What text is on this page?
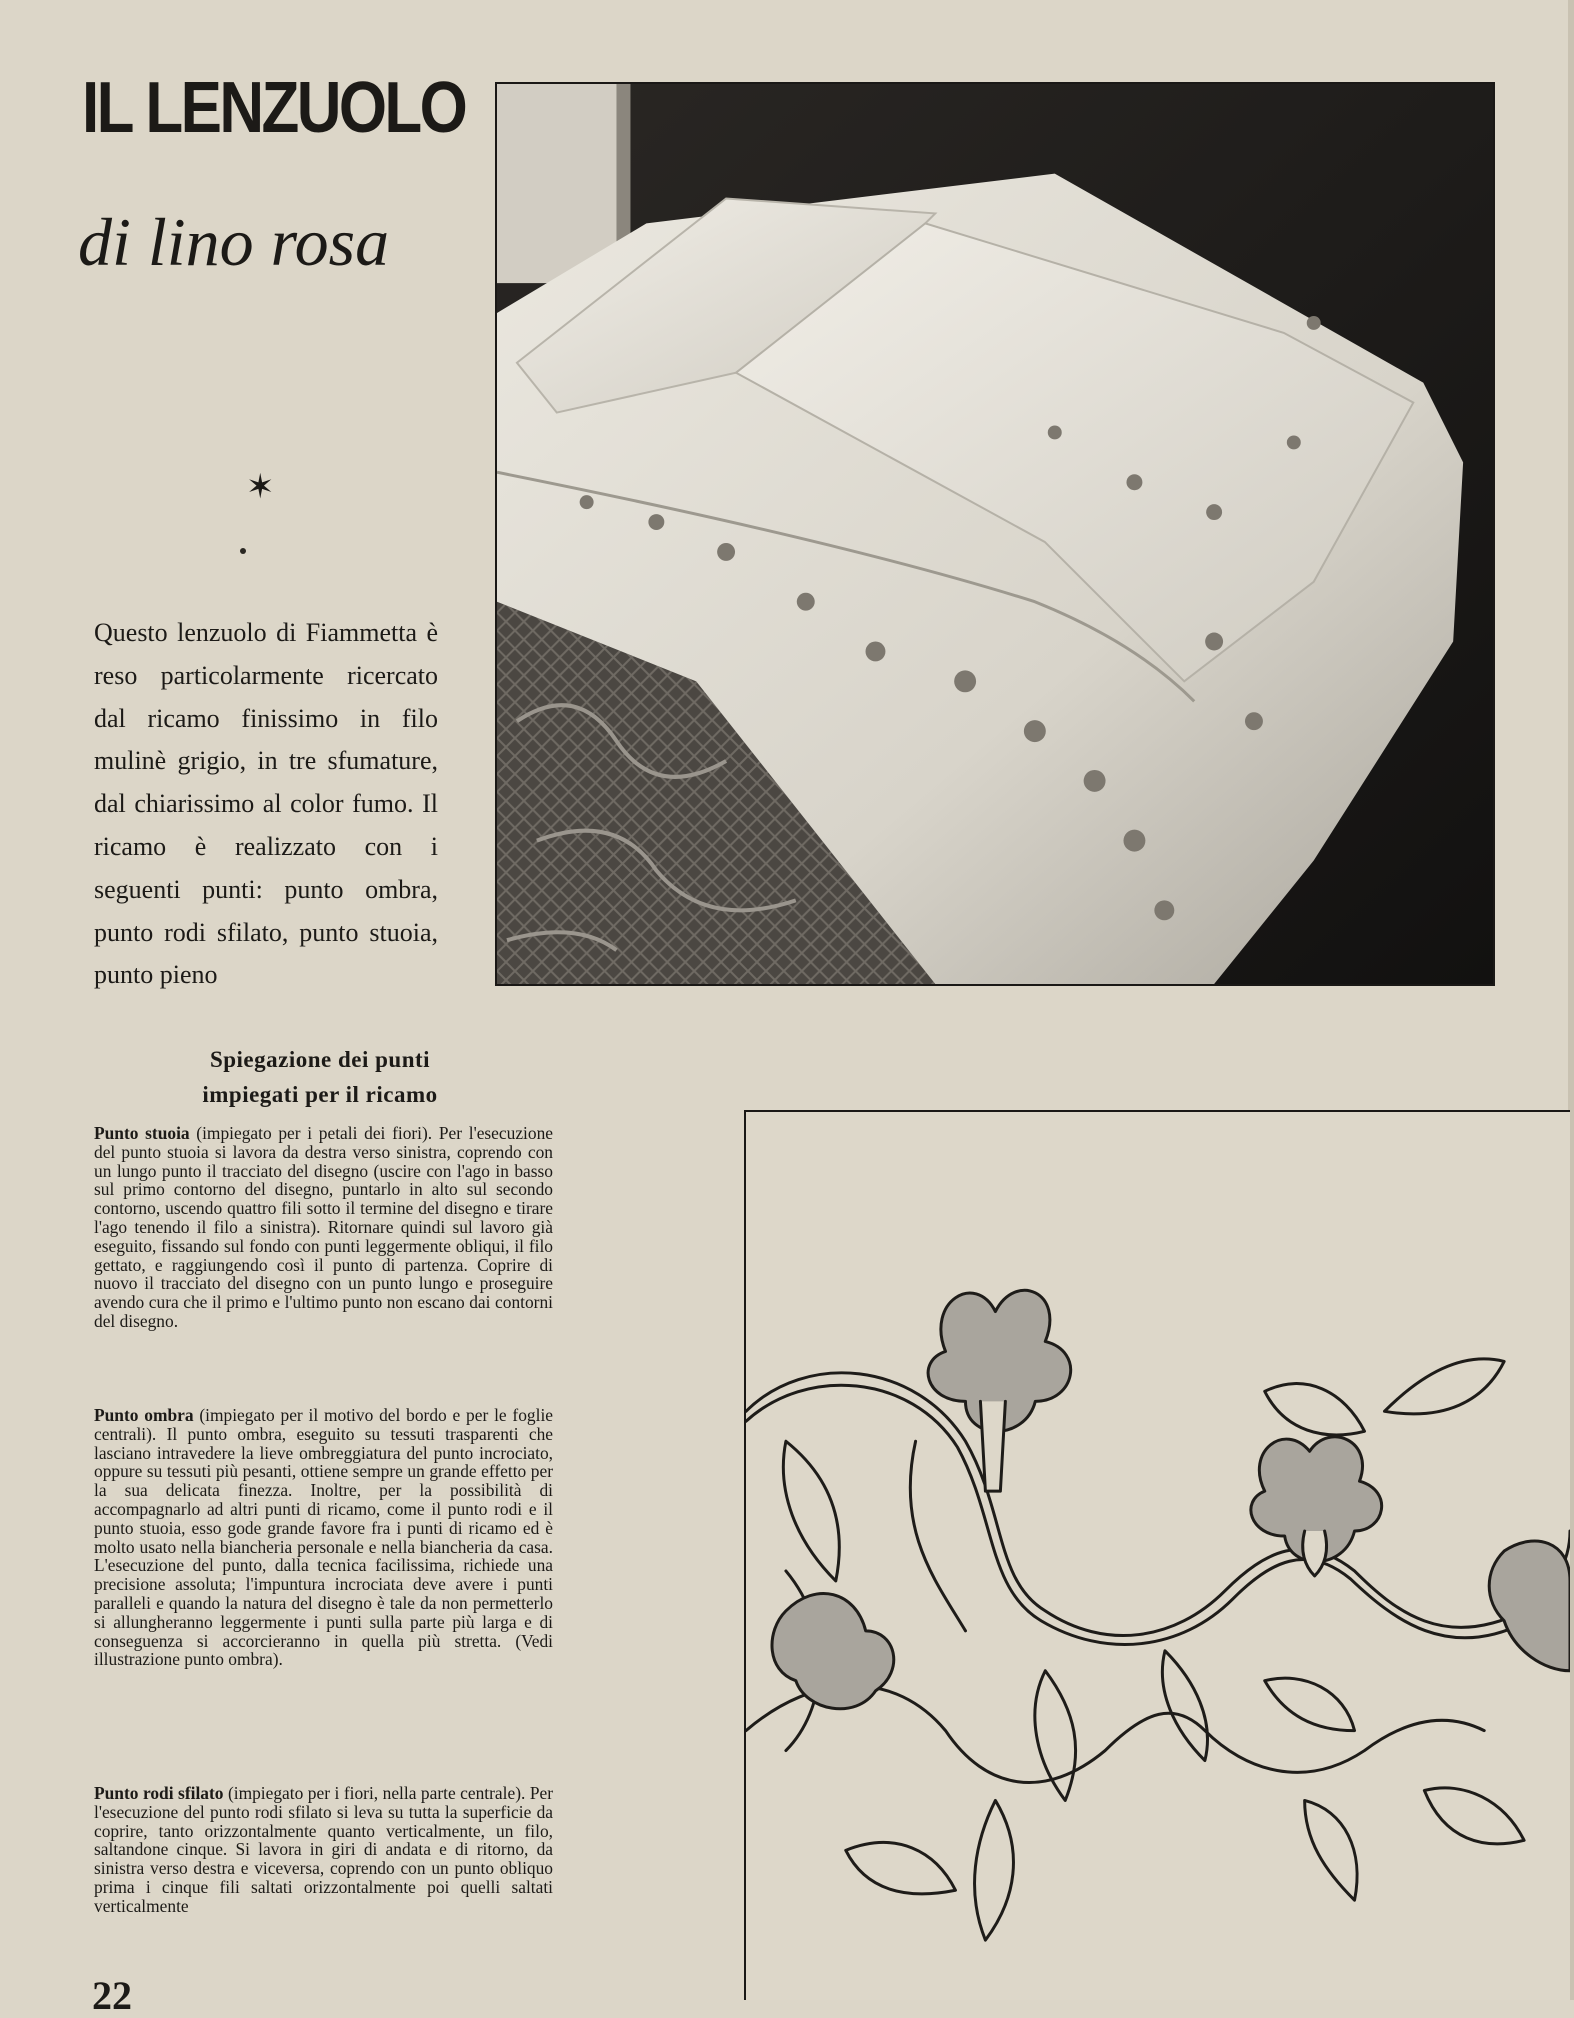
IL LENZUOLO
di lino rosa
✶

Questo lenzuolo di Fiammetta è reso particolarmente ricercato dal ricamo finissimo in filo mulinè grigio, in tre sfumature, dal chiarissimo al color fumo. Il ricamo è realizzato con i seguenti punti: punto ombra, punto rodi sfilato, punto stuoia, punto pieno

Spiegazione dei punti
impiegati per il ricamo

Punto stuoia (impiegato per i petali dei fiori). Per l'esecuzione del punto stuoia si lavora da destra verso sinistra, coprendo con un lungo punto il tracciato del disegno (uscire con l'ago in basso sul primo contorno del disegno, puntarlo in alto sul secondo contorno, uscendo quattro fili sotto il termine del disegno e tirare l'ago tenendo il filo a sinistra). Ritornare quindi sul lavoro già eseguito, fissando sul fondo con punti leggermente obliqui, il filo gettato, e raggiungendo così il punto di partenza. Coprire di nuovo il tracciato del disegno con un punto lungo e proseguire avendo cura che il primo e l'ultimo punto non escano dai contorni del disegno.

Punto ombra (impiegato per il motivo del bordo e per le foglie centrali). Il punto ombra, eseguito su tessuti trasparenti che lasciano intravedere la lieve ombreggiatura del punto incrociato, oppure su tessuti più pesanti, ottiene sempre un grande effetto per la sua delicata finezza. Inoltre, per la possibilità di accompagnarlo ad altri punti di ricamo, come il punto rodi e il punto stuoia, esso gode grande favore fra i punti di ricamo ed è molto usato nella biancheria personale e nella biancheria da casa. L'esecuzione del punto, dalla tecnica facilissima, richiede una precisione assoluta; l'impuntura incrociata deve avere i punti paralleli e quando la natura del disegno è tale da non permetterlo si allungheranno leggermente i punti sulla parte più larga e di conseguenza si accorcieranno in quella più stretta. (Vedi illustrazione punto ombra).

Punto rodi sfilato (impiegato per i fiori, nella parte centrale). Per l'esecuzione del punto rodi sfilato si leva su tutta la superficie da coprire, tanto orizzontalmente quanto verticalmente, un filo, saltandone cinque. Si lavora in giri di andata e di ritorno, da sinistra verso destra e viceversa, coprendo con un punto obliquo prima i cinque fili saltati orizzontalmente poi quelli saltati verticalmente

22
